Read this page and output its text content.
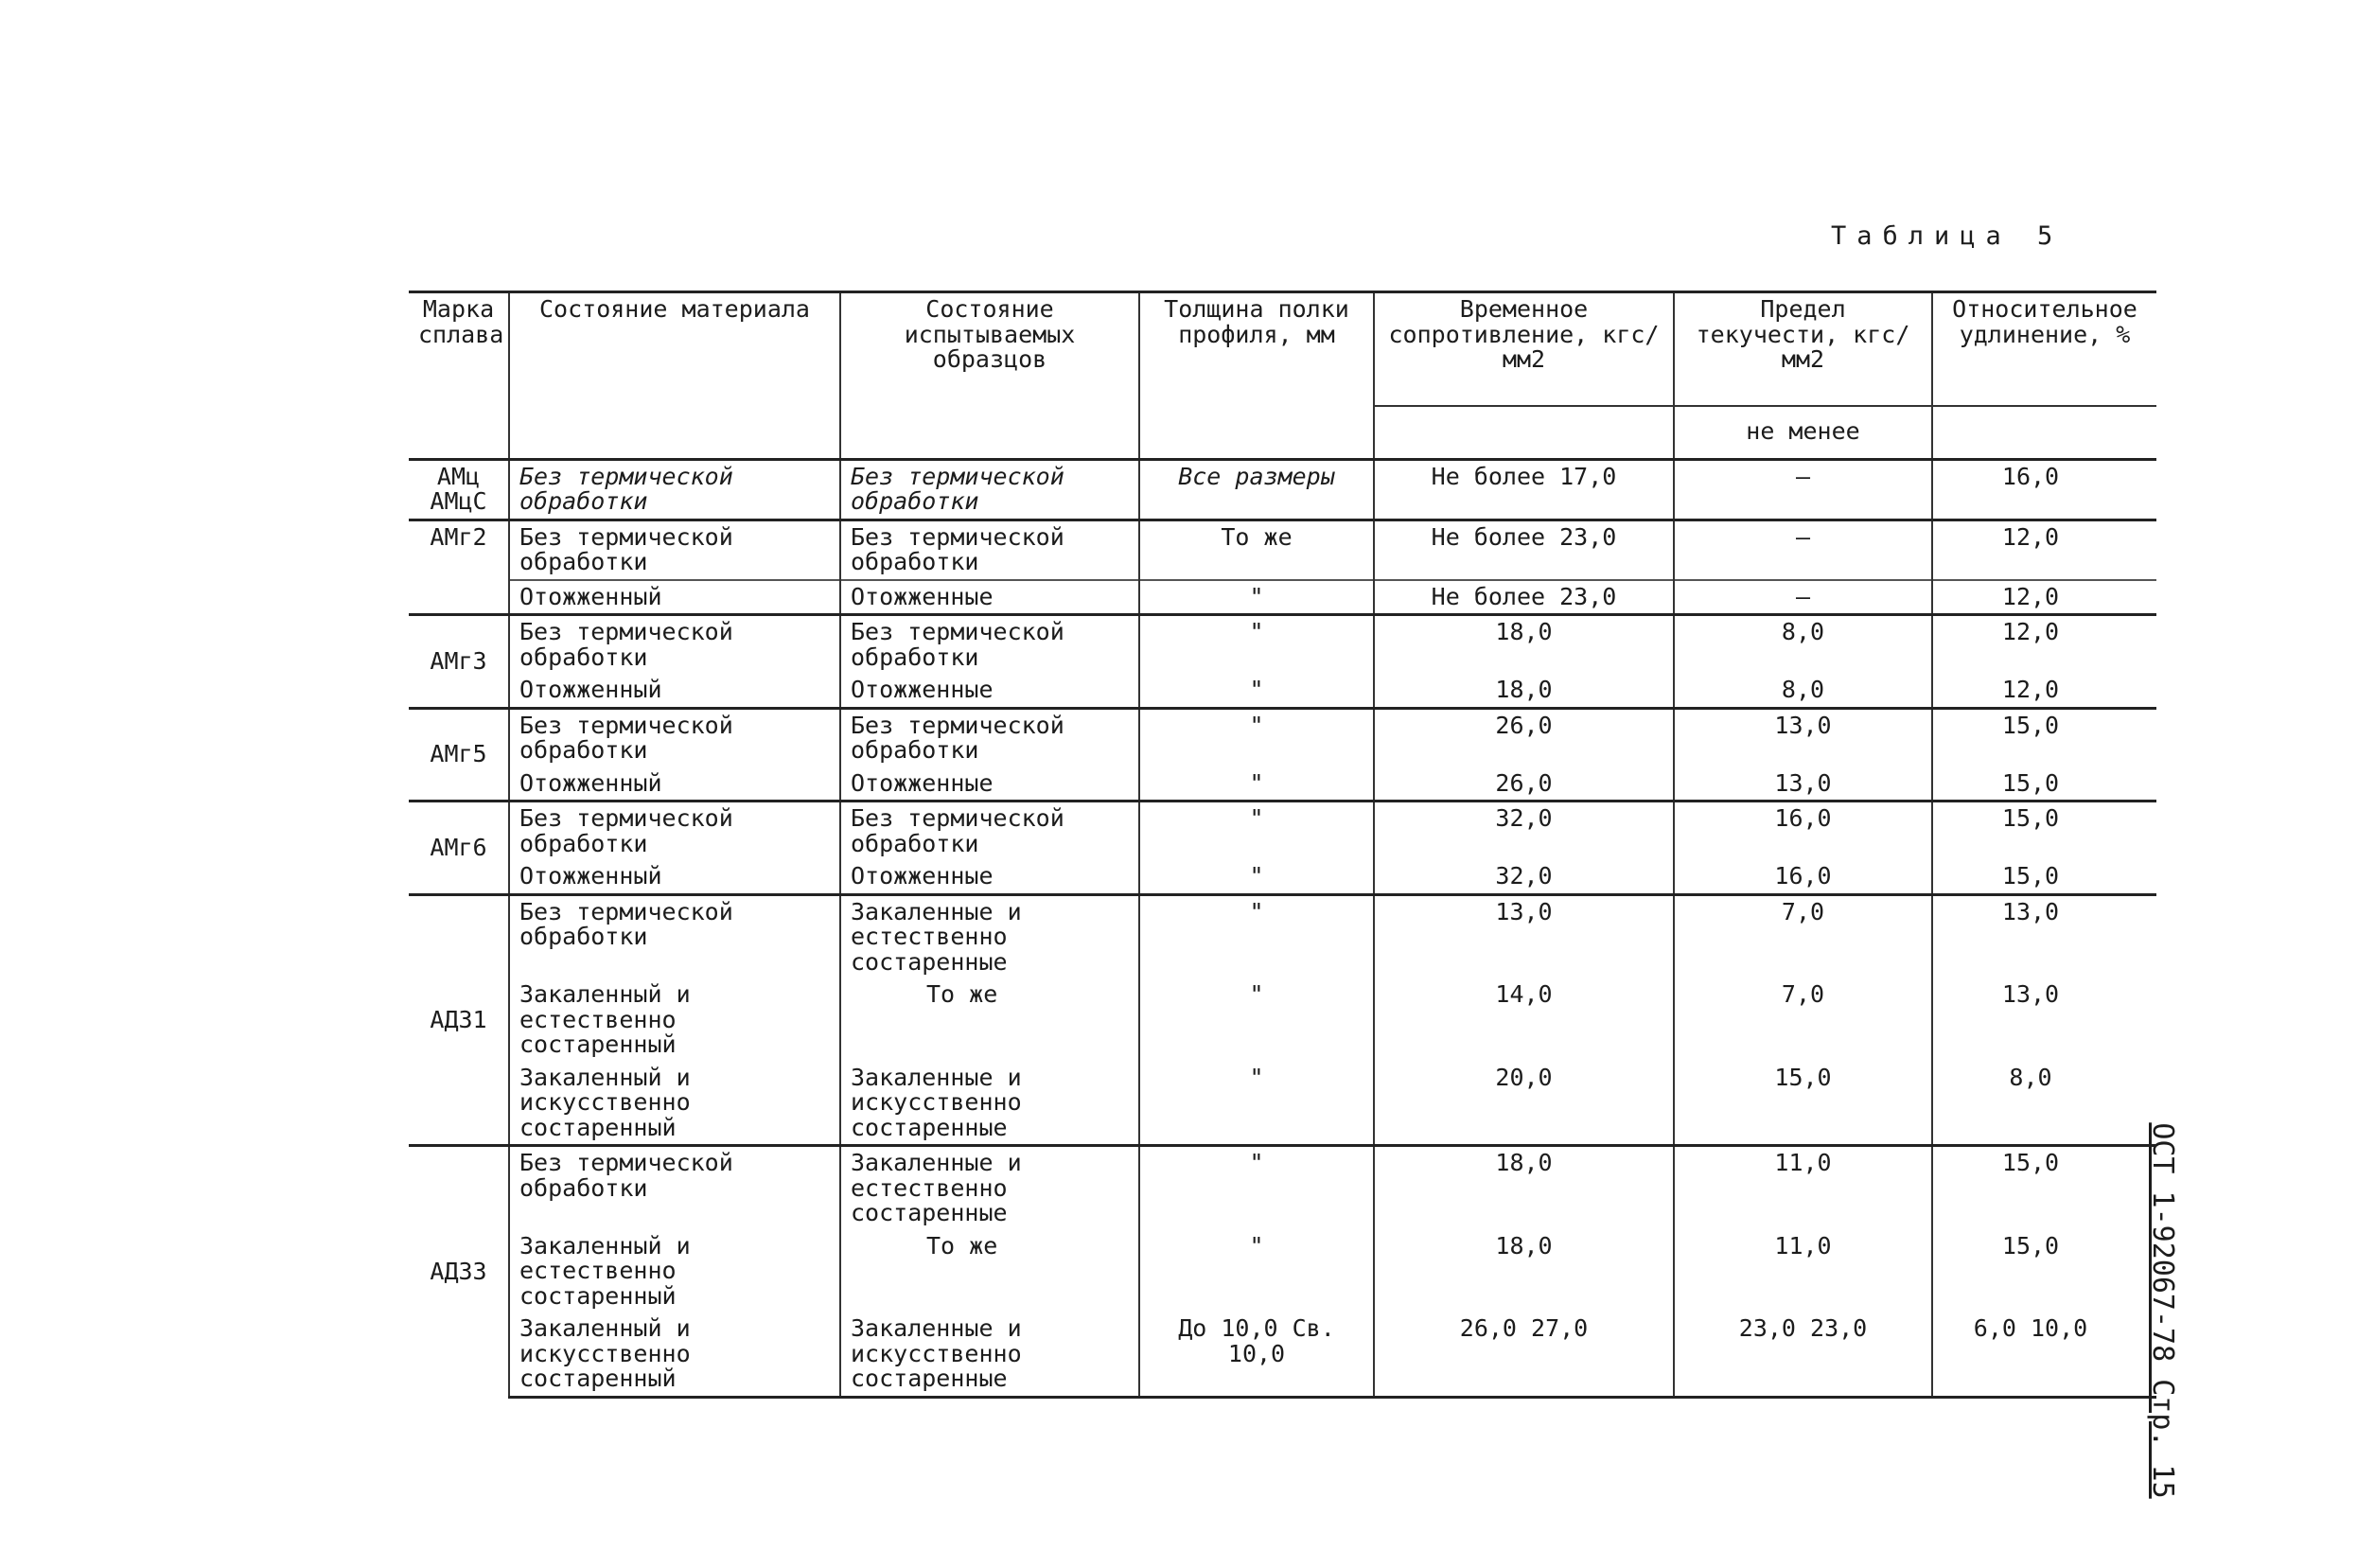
Таблица 5
ОСТ 1-92067-78 Стр. 15
Марка сплава	Состояние материала	Состояние испытываемых образцов	Толщина полки профиля, мм	Временное сопротивление, кгс/мм2	Предел текучести, кгс/мм2	Относительное удлинение, %
					не менее	
АМц АМцС	Без термической обработки	Без термической обработки	Все размеры	Не более 17,0	–	16,0
АМг2	Без термической обработки	Без термической обработки	То же	Не более 23,0	–	12,0
	Отожженный	Отожженные	"	Не более 23,0	–	12,0
АМг3	Без термической обработки	Без термической обработки	"	18,0	8,0	12,0
	Отожженный	Отожженные	"	18,0	8,0	12,0
АМг5	Без термической обработки	Без термической обработки	"	26,0	13,0	15,0
	Отожженный	Отожженные	"	26,0	13,0	15,0
АМг6	Без термической обработки	Без термической обработки	"	32,0	16,0	15,0
	Отожженный	Отожженные	"	32,0	16,0	15,0
АД31	Без термической обработки	Закаленные и естественно состаренные	"	13,0	7,0	13,0
	Закаленный и естественно состаренный	То же	"	14,0	7,0	13,0
	Закаленный и искусственно состаренный	Закаленные и искусственно состаренные	"	20,0	15,0	8,0
АД33	Без термической обработки	Закаленные и естественно состаренные	"	18,0	11,0	15,0
	Закаленный и естественно состаренный	То же	"	18,0	11,0	15,0
	Закаленный и искусственно состаренный	Закаленные и искусственно состаренные	До 10,0 Св. 10,0	26,0 27,0	23,0 23,0	6,0 10,0
